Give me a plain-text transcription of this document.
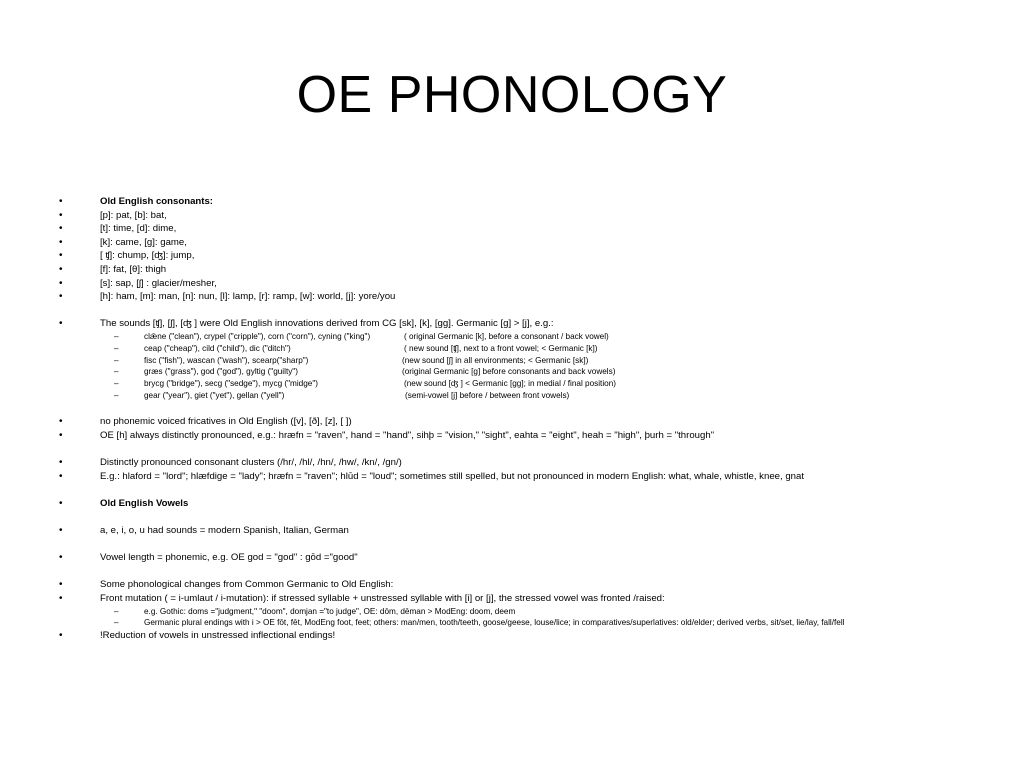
OE PHONOLOGY
•	Old English consonants:
•	[p]: pat, [b]: bat,
•	[t]: time, [d]: dime,
•	[k]: came, [g]: game,
•	[ ʧ]: chump, [ʤ]: jump,
•	[f]: fat, [θ]: thigh
•	[s]: sap, [ʃ] : glacier/mesher,
•	[h]: ham, [m]: man, [n]: nun, [l]: lamp, [r]: ramp, [w]: world, [j]: yore/you
•	The sounds [ʧ], [ʃ], [ʤ ] were Old English innovations derived from CG [sk], [k], [gg]. Germanic [g] > [j], e.g.:
–	clǣne ("clean"), crypel ("cripple"), corn ("corn"), cyning ("king")	( original Germanic [k], before a consonant / back vowel)
–	ceap ("cheap"), cild ("child"), dic ("ditch")	( new sound [ʧ], next to a front vowel; < Germanic [k])
–	fisc ("fish"), wascan ("wash"), scearp("sharp")	(new sound [ʃ] in all environments; < Germanic [sk])
–	græs ("grass"), god ("god"), gyltig ("guilty")	(original Germanic [g] before consonants and back vowels)
–	brycg ("bridge"), secg ("sedge"), mycg ("midge")	(new sound [ʤ ] < Germanic [gg]; in medial / final position)
–	gear ("year"), giet ("yet"), gellan ("yell")	(semi-vowel [j] before / between front vowels)
•	no phonemic voiced fricatives in Old English ([v], [ð], [z], [ ])
•	OE [h] always distinctly pronounced, e.g.: hræfn = "raven", hand = "hand", sihþ = "vision," "sight", eahta = "eight", heah = "high", þurh = "through"
•	Distinctly pronounced consonant clusters (/hr/, /hl/, /hn/, /hw/, /kn/, /gn/)
•	E.g.: hlaford = "lord"; hlæfdige = "lady"; hræfn = "raven"; hlūd = "loud"; sometimes still spelled, but not pronounced in modern English: what, whale, whistle, knee, gnat
•	Old English Vowels
•	a, e, i, o, u had sounds = modern Spanish, Italian, German
•	Vowel length = phonemic, e.g. OE god = "god" : gōd ="good"
•	Some phonological changes from Common Germanic to Old English:
•	Front mutation ( = i-umlaut / i-mutation): if stressed syllable + unstressed syllable with [i] or [j], the stressed vowel was fronted /raised:
–	e.g. Gothic: doms ="judgment," "doom", domjan ="to judge", OE: dōm, dēman > ModEng: doom, deem
–	Germanic plural endings with i > OE fōt, fēt, ModEng foot, feet; others: man/men, tooth/teeth, goose/geese, louse/lice; in comparatives/superlatives: old/elder; derived verbs, sit/set, lie/lay, fall/fell
•	!Reduction of vowels in unstressed inflectional endings!
